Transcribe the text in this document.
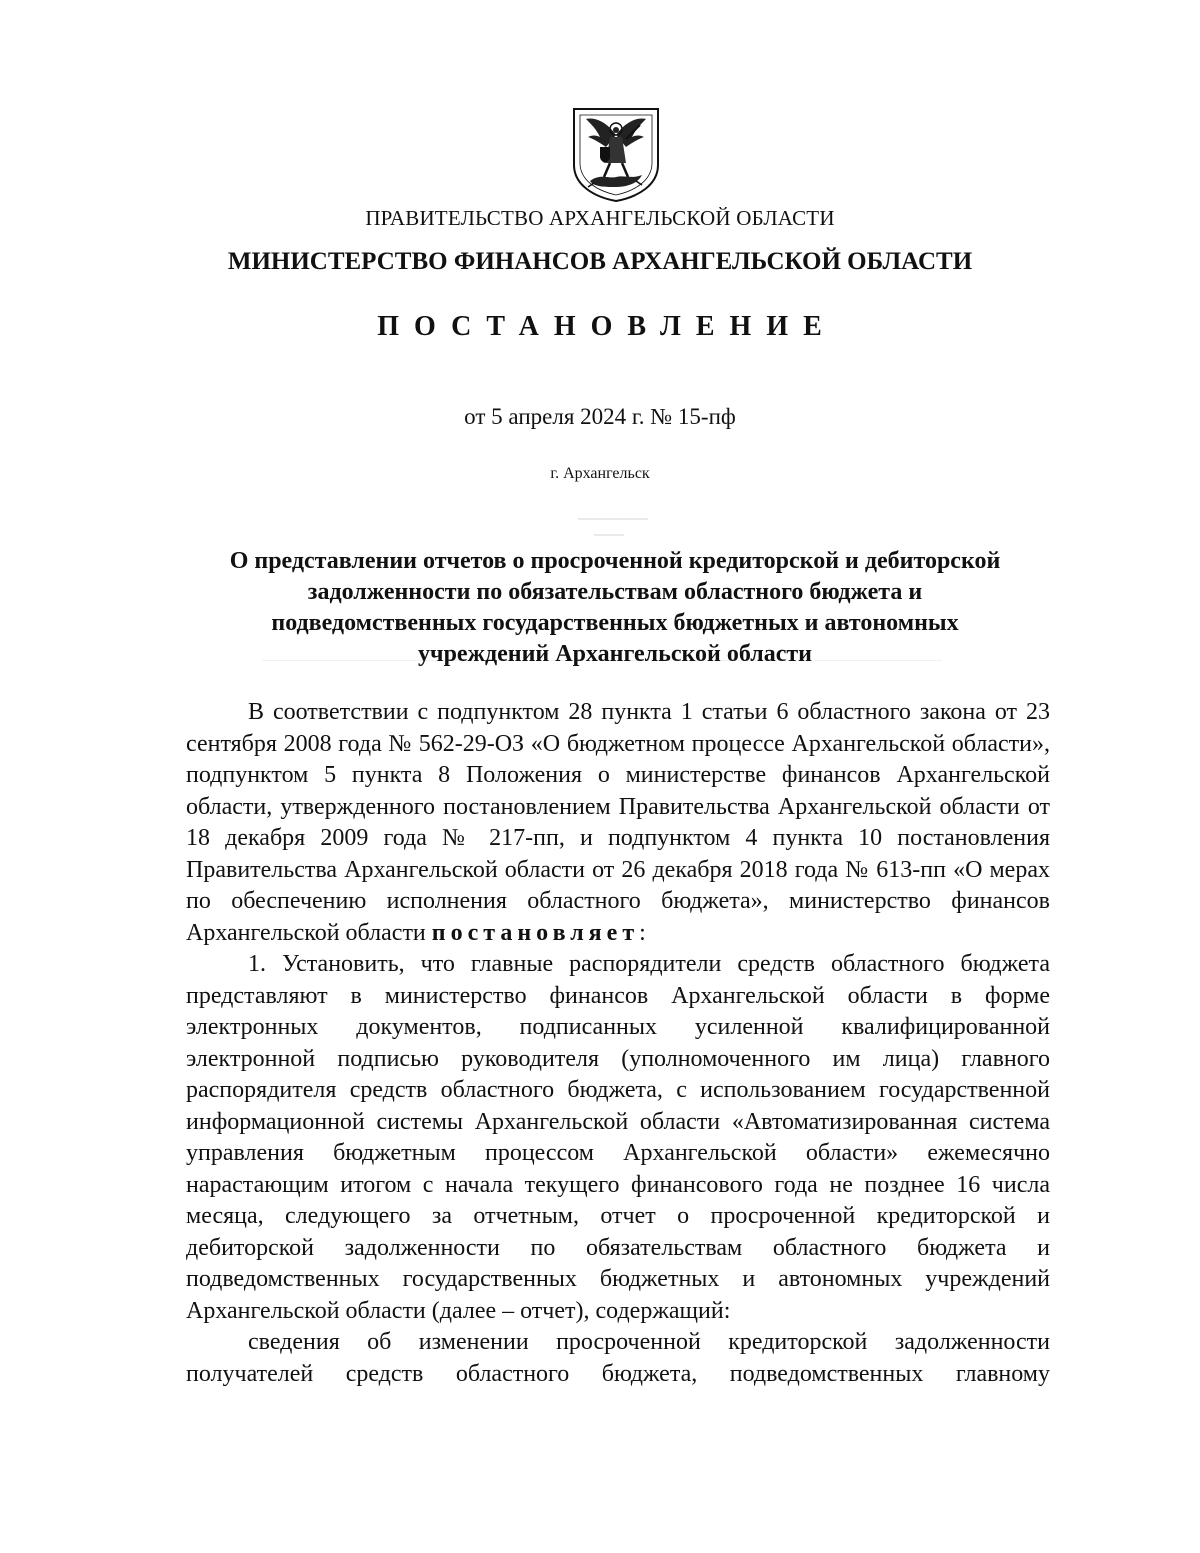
ПРАВИТЕЛЬСТВО АРХАНГЕЛЬСКОЙ ОБЛАСТИ
МИНИСТЕРСТВО ФИНАНСОВ АРХАНГЕЛЬСКОЙ ОБЛАСТИ
ПОСТАНОВЛЕНИЕ
от 5 апреля 2024 г. № 15-пф
г. Архангельск
О представлении отчетов о просроченной кредиторской и дебиторской
задолженности по обязательствам областного бюджета и
подведомственных государственных бюджетных и автономных
учреждений Архангельской области

В соответствии с подпунктом 28 пункта 1 статьи 6 областного закона от 23 сентября 2008 года № 562-29-ОЗ «О бюджетном процессе Архангельской области», подпунктом 5 пункта 8 Положения о министерстве финансов Архангельской области, утвержденного постановлением Правительства Архангельской области от 18 декабря 2009 года № 217-пп, и подпунктом 4 пункта 10 постановления Правительства Архангельской области от 26 декабря 2018 года № 613-пп «О мерах по обеспечению исполнения областного бюджета», министерство финансов Архангельской области постановляет:

1. Установить, что главные распорядители средств областного бюджета представляют в министерство финансов Архангельской области в форме электронных документов, подписанных усиленной квалифицированной электронной подписью руководителя (уполномоченного им лица) главного распорядителя средств областного бюджета, с использованием государственной информационной системы Архангельской области «Автоматизированная система управления бюджетным процессом Архангельской области» ежемесячно нарастающим итогом с начала текущего финансового года не позднее 16 числа месяца, следующего за отчетным, отчет о просроченной кредиторской и дебиторской задолженности по обязательствам областного бюджета и подведомственных государственных бюджетных и автономных учреждений Архангельской области (далее – отчет), содержащий:

сведения об изменении просроченной кредиторской задолженности получателей средств областного бюджета, подведомственных главному
